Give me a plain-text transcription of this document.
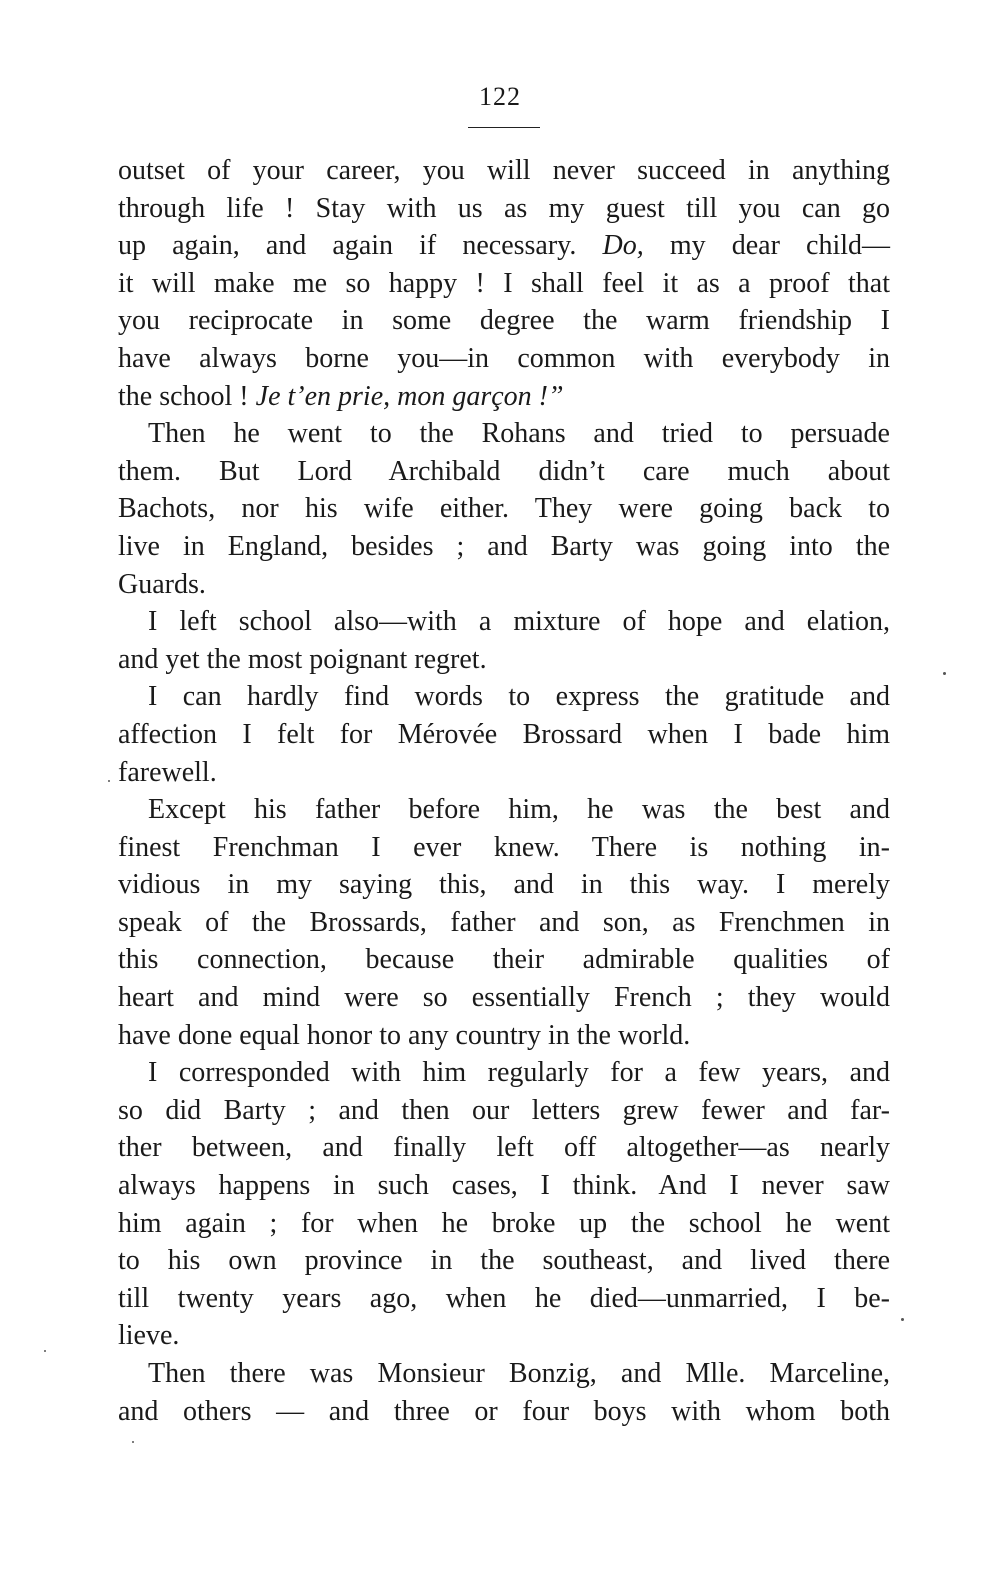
122
outset of your career, you will never succeed in anything
through life ! Stay with us as my guest till you can go
up again, and again if necessary. Do, my dear child—
it will make me so happy ! I shall feel it as a proof that
you reciprocate in some degree the warm friendship I
have always borne you—in common with everybody in
the school ! Je t’en prie, mon garçon !”
Then he went to the Rohans and tried to persuade
them. But Lord Archibald didn’t care much about
Bachots, nor his wife either. They were going back to
live in England, besides ; and Barty was going into the
Guards.
I left school also—with a mixture of hope and elation,
and yet the most poignant regret.
I can hardly find words to express the gratitude and
affection I felt for Mérovée Brossard when I bade him
farewell.
Except his father before him, he was the best and
finest Frenchman I ever knew. There is nothing in-
vidious in my saying this, and in this way. I merely
speak of the Brossards, father and son, as Frenchmen in
this connection, because their admirable qualities of
heart and mind were so essentially French ; they would
have done equal honor to any country in the world.
I corresponded with him regularly for a few years, and
so did Barty ; and then our letters grew fewer and far-
ther between, and finally left off altogether—as nearly
always happens in such cases, I think. And I never saw
him again ; for when he broke up the school he went
to his own province in the southeast, and lived there
till twenty years ago, when he died—unmarried, I be-
lieve.
Then there was Monsieur Bonzig, and Mlle. Marceline,
and others — and three or four boys with whom both
